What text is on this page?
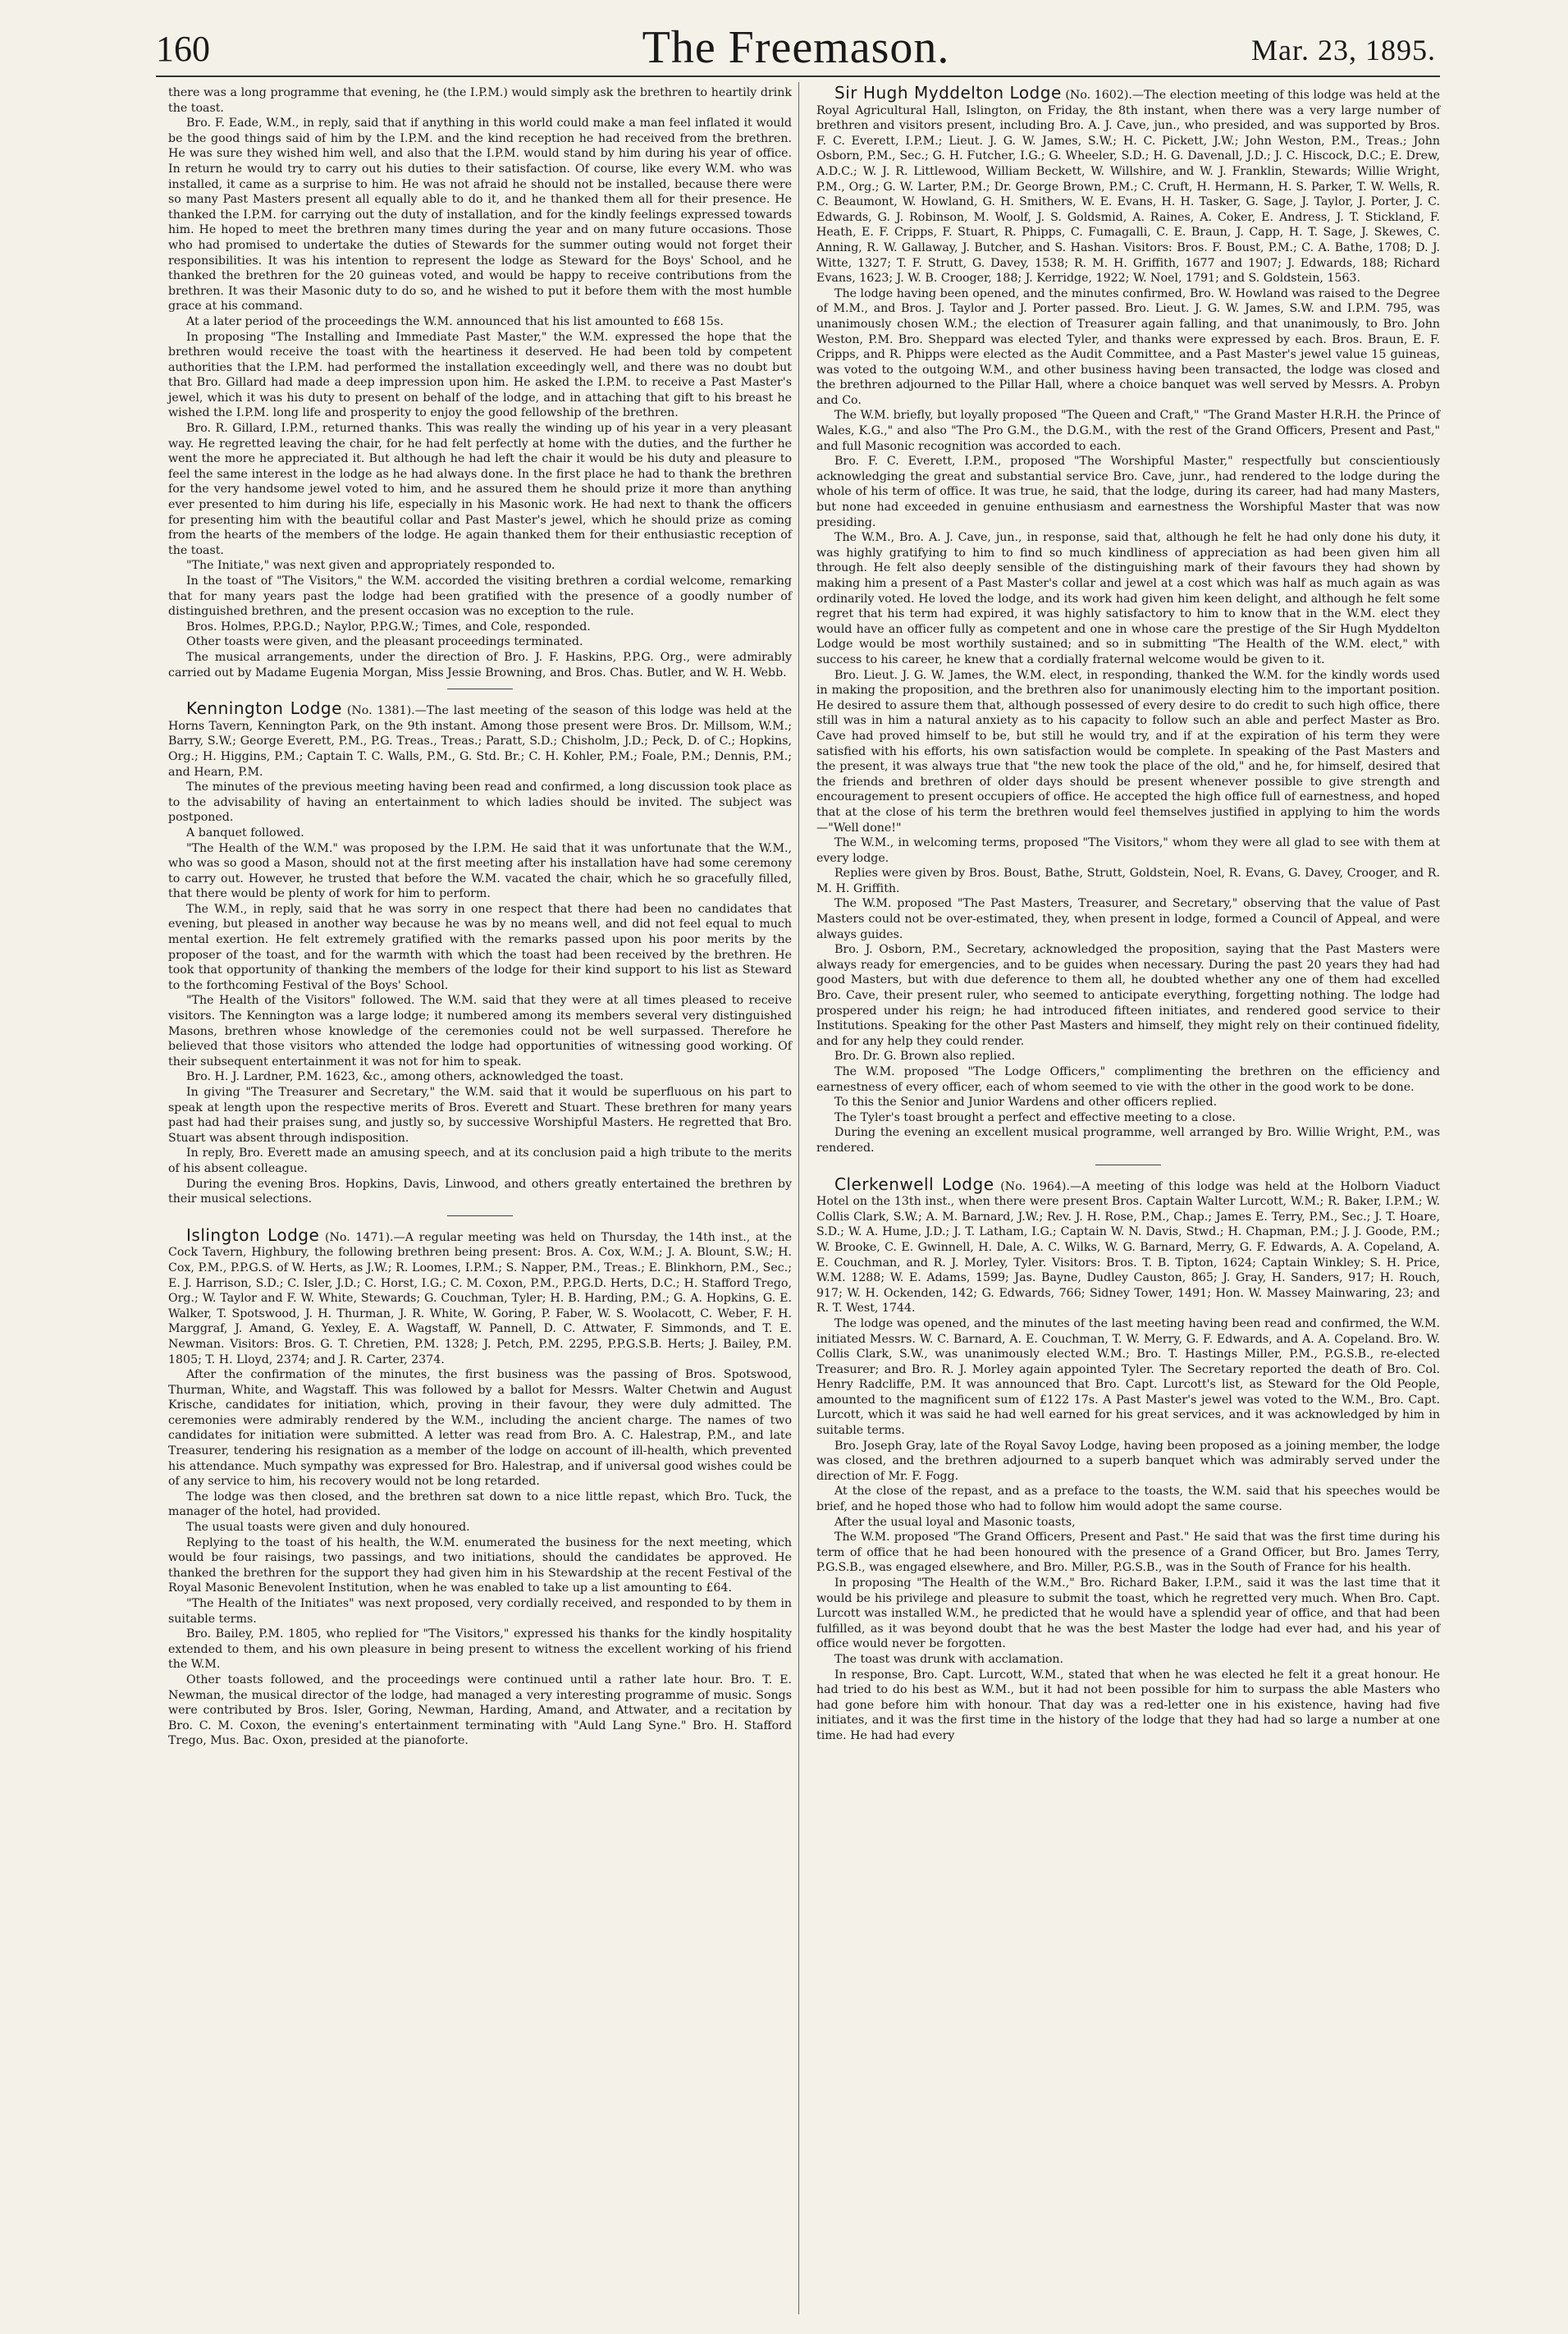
160	The Freemason.	Mar. 23, 1895.

there was a long programme that evening, he (the I.P.M.) would simply ask the brethren to heartily drink the toast.

Bro. F. Eade, W.M., in reply, said that if anything in this world could make a man feel inflated it would be the good things said of him by the I.P.M. and the kind reception he had received from the brethren. He was sure they wished him well, and also that the I.P.M. would stand by him during his year of office. In return he would try to carry out his duties to their satisfaction. Of course, like every W.M. who was installed, it came as a surprise to him. He was not afraid he should not be installed, because there were so many Past Masters present all equally able to do it, and he thanked them all for their presence. He thanked the I.P.M. for carrying out the duty of installation, and for the kindly feelings expressed towards him. He hoped to meet the brethren many times during the year and on many future occasions. Those who had promised to undertake the duties of Stewards for the summer outing would not forget their responsibilities. It was his intention to represent the lodge as Steward for the Boys' School, and he thanked the brethren for the 20 guineas voted, and would be happy to receive contributions from the brethren. It was their Masonic duty to do so, and he wished to put it before them with the most humble grace at his command.

At a later period of the proceedings the W.M. announced that his list amounted to £68 15s.

In proposing "The Installing and Immediate Past Master," the W.M. expressed the hope that the brethren would receive the toast with the heartiness it deserved. He had been told by competent authorities that the I.P.M. had performed the installation exceedingly well, and there was no doubt but that Bro. Gillard had made a deep impression upon him. He asked the I.P.M. to receive a Past Master's jewel, which it was his duty to present on behalf of the lodge, and in attaching that gift to his breast he wished the I.P.M. long life and prosperity to enjoy the good fellowship of the brethren.

Bro. R. Gillard, I.P.M., returned thanks. This was really the winding up of his year in a very pleasant way. He regretted leaving the chair, for he had felt perfectly at home with the duties, and the further he went the more he appreciated it. But although he had left the chair it would be his duty and pleasure to feel the same interest in the lodge as he had always done. In the first place he had to thank the brethren for the very handsome jewel voted to him, and he assured them he should prize it more than anything ever presented to him during his life, especially in his Masonic work. He had next to thank the officers for presenting him with the beautiful collar and Past Master's jewel, which he should prize as coming from the hearts of the members of the lodge. He again thanked them for their enthusiastic reception of the toast.

"The Initiate," was next given and appropriately responded to.

In the toast of "The Visitors," the W.M. accorded the visiting brethren a cordial welcome, remarking that for many years past the lodge had been gratified with the presence of a goodly number of distinguished brethren, and the present occasion was no exception to the rule.

Bros. Holmes, P.P.G.D.; Naylor, P.P.G.W.; Times, and Cole, responded.

Other toasts were given, and the pleasant proceedings terminated.

The musical arrangements, under the direction of Bro. J. F. Haskins, P.P.G. Org., were admirably carried out by Madame Eugenia Morgan, Miss Jessie Browning, and Bros. Chas. Butler, and W. H. Webb.

Kennington Lodge (No. 1381).—The last meeting of the season of this lodge was held at the Horns Tavern, Kennington Park, on the 9th instant. Among those present were Bros. Dr. Millsom, W.M.; Barry, S.W.; George Everett, P.M., P.G. Treas., Treas.; Paratt, S.D.; Chisholm, J.D.; Peck, D. of C.; Hopkins, Org.; H. Higgins, P.M.; Captain T. C. Walls, P.M., G. Std. Br.; C. H. Kohler, P.M.; Foale, P.M.; Dennis, P.M.; and Hearn, P.M.

The minutes of the previous meeting having been read and confirmed, a long discussion took place as to the advisability of having an entertainment to which ladies should be invited. The subject was postponed.

A banquet followed.

"The Health of the W.M." was proposed by the I.P.M. He said that it was unfortunate that the W.M., who was so good a Mason, should not at the first meeting after his installation have had some ceremony to carry out. However, he trusted that before the W.M. vacated the chair, which he so gracefully filled, that there would be plenty of work for him to perform.

The W.M., in reply, said that he was sorry in one respect that there had been no candidates that evening, but pleased in another way because he was by no means well, and did not feel equal to much mental exertion. He felt extremely gratified with the remarks passed upon his poor merits by the proposer of the toast, and for the warmth with which the toast had been received by the brethren. He took that opportunity of thanking the members of the lodge for their kind support to his list as Steward to the forthcoming Festival of the Boys' School.

"The Health of the Visitors" followed. The W.M. said that they were at all times pleased to receive visitors. The Kennington was a large lodge; it numbered among its members several very distinguished Masons, brethren whose knowledge of the ceremonies could not be well surpassed. Therefore he believed that those visitors who attended the lodge had opportunities of witnessing good working. Of their subsequent entertainment it was not for him to speak.

Bro. H. J. Lardner, P.M. 1623, &c., among others, acknowledged the toast.

In giving "The Treasurer and Secretary," the W.M. said that it would be superfluous on his part to speak at length upon the respective merits of Bros. Everett and Stuart. These brethren for many years past had had their praises sung, and justly so, by successive Worshipful Masters. He regretted that Bro. Stuart was absent through indisposition.

In reply, Bro. Everett made an amusing speech, and at its conclusion paid a high tribute to the merits of his absent colleague.

During the evening Bros. Hopkins, Davis, Linwood, and others greatly entertained the brethren by their musical selections.

Islington Lodge (No. 1471).—A regular meeting was held on Thursday, the 14th inst., at the Cock Tavern, Highbury, the following brethren being present: Bros. A. Cox, W.M.; J. A. Blount, S.W.; H. Cox, P.M., P.P.G.S. of W. Herts, as J.W.; R. Loomes, I.P.M.; S. Napper, P.M., Treas.; E. Blinkhorn, P.M., Sec.; E. J. Harrison, S.D.; C. Isler, J.D.; C. Horst, I.G.; C. M. Coxon, P.M., P.P.G.D. Herts, D.C.; H. Stafford Trego, Org.; W. Taylor and F. W. White, Stewards; G. Couchman, Tyler; H. B. Harding, P.M.; G. A. Hopkins, G. E. Walker, T. Spotswood, J. H. Thurman, J. R. White, W. Goring, P. Faber, W. S. Woolacott, C. Weber, F. H. Marggraf, J. Amand, G. Yexley, E. A. Wagstaff, W. Pannell, D. C. Attwater, F. Simmonds, and T. E. Newman. Visitors: Bros. G. T. Chretien, P.M. 1328; J. Petch, P.M. 2295, P.P.G.S.B. Herts; J. Bailey, P.M. 1805; T. H. Lloyd, 2374; and J. R. Carter, 2374.

After the confirmation of the minutes, the first business was the passing of Bros. Spotswood, Thurman, White, and Wagstaff. This was followed by a ballot for Messrs. Walter Chetwin and August Krische, candidates for initiation, which, proving in their favour, they were duly admitted. The ceremonies were admirably rendered by the W.M., including the ancient charge. The names of two candidates for initiation were submitted. A letter was read from Bro. A. C. Halestrap, P.M., and late Treasurer, tendering his resignation as a member of the lodge on account of ill-health, which prevented his attendance. Much sympathy was expressed for Bro. Halestrap, and if universal good wishes could be of any service to him, his recovery would not be long retarded.

The lodge was then closed, and the brethren sat down to a nice little repast, which Bro. Tuck, the manager of the hotel, had provided.

The usual toasts were given and duly honoured.

Replying to the toast of his health, the W.M. enumerated the business for the next meeting, which would be four raisings, two passings, and two initiations, should the candidates be approved. He thanked the brethren for the support they had given him in his Stewardship at the recent Festival of the Royal Masonic Benevolent Institution, when he was enabled to take up a list amounting to £64.

"The Health of the Initiates" was next proposed, very cordially received, and responded to by them in suitable terms.

Bro. Bailey, P.M. 1805, who replied for "The Visitors," expressed his thanks for the kindly hospitality extended to them, and his own pleasure in being present to witness the excellent working of his friend the W.M.

Other toasts followed, and the proceedings were continued until a rather late hour. Bro. T. E. Newman, the musical director of the lodge, had managed a very interesting programme of music. Songs were contributed by Bros. Isler, Goring, Newman, Harding, Amand, and Attwater, and a recitation by Bro. C. M. Coxon, the evening's entertainment terminating with "Auld Lang Syne." Bro. H. Stafford Trego, Mus. Bac. Oxon, presided at the pianoforte.

Sir Hugh Myddelton Lodge (No. 1602).—The election meeting of this lodge was held at the Royal Agricultural Hall, Islington, on Friday, the 8th instant, when there was a very large number of brethren and visitors present, including Bro. A. J. Cave, jun., who presided, and was supported by Bros. F. C. Everett, I.P.M.; Lieut. J. G. W. James, S.W.; H. C. Pickett, J.W.; John Weston, P.M., Treas.; John Osborn, P.M., Sec.; G. H. Futcher, I.G.; G. Wheeler, S.D.; H. G. Davenall, J.D.; J. C. Hiscock, D.C.; E. Drew, A.D.C.; W. J. R. Littlewood, William Beckett, W. Willshire, and W. J. Franklin, Stewards; Willie Wright, P.M., Org.; G. W. Larter, P.M.; Dr. George Brown, P.M.; C. Cruft, H. Hermann, H. S. Parker, T. W. Wells, R. C. Beaumont, W. Howland, G. H. Smithers, W. E. Evans, H. H. Tasker, G. Sage, J. Taylor, J. Porter, J. C. Edwards, G. J. Robinson, M. Woolf, J. S. Goldsmid, A. Raines, A. Coker, E. Andress, J. T. Stickland, F. Heath, E. F. Cripps, F. Stuart, R. Phipps, C. Fumagalli, C. E. Braun, J. Capp, H. T. Sage, J. Skewes, C. Anning, R. W. Gallaway, J. Butcher, and S. Hashan. Visitors: Bros. F. Boust, P.M.; C. A. Bathe, 1708; D. J. Witte, 1327; T. F. Strutt, G. Davey, 1538; R. M. H. Griffith, 1677 and 1907; J. Edwards, 188; Richard Evans, 1623; J. W. B. Crooger, 188; J. Kerridge, 1922; W. Noel, 1791; and S. Goldstein, 1563.

The lodge having been opened, and the minutes confirmed, Bro. W. Howland was raised to the Degree of M.M., and Bros. J. Taylor and J. Porter passed. Bro. Lieut. J. G. W. James, S.W. and I.P.M. 795, was unanimously chosen W.M.; the election of Treasurer again falling, and that unanimously, to Bro. John Weston, P.M. Bro. Sheppard was elected Tyler, and thanks were expressed by each. Bros. Braun, E. F. Cripps, and R. Phipps were elected as the Audit Committee, and a Past Master's jewel value 15 guineas, was voted to the outgoing W.M., and other business having been transacted, the lodge was closed and the brethren adjourned to the Pillar Hall, where a choice banquet was well served by Messrs. A. Probyn and Co.

The W.M. briefly, but loyally proposed "The Queen and Craft," "The Grand Master H.R.H. the Prince of Wales, K.G.," and also "The Pro G.M., the D.G.M., with the rest of the Grand Officers, Present and Past," and full Masonic recognition was accorded to each.

Bro. F. C. Everett, I.P.M., proposed "The Worshipful Master," respectfully but conscientiously acknowledging the great and substantial service Bro. Cave, junr., had rendered to the lodge during the whole of his term of office. It was true, he said, that the lodge, during its career, had had many Masters, but none had exceeded in genuine enthusiasm and earnestness the Worshipful Master that was now presiding.

The W.M., Bro. A. J. Cave, jun., in response, said that, although he felt he had only done his duty, it was highly gratifying to him to find so much kindliness of appreciation as had been given him all through. He felt also deeply sensible of the distinguishing mark of their favours they had shown by making him a present of a Past Master's collar and jewel at a cost which was half as much again as was ordinarily voted. He loved the lodge, and its work had given him keen delight, and although he felt some regret that his term had expired, it was highly satisfactory to him to know that in the W.M. elect they would have an officer fully as competent and one in whose care the prestige of the Sir Hugh Myddelton Lodge would be most worthily sustained; and so in submitting "The Health of the W.M. elect," with success to his career, he knew that a cordially fraternal welcome would be given to it.

Bro. Lieut. J. G. W. James, the W.M. elect, in responding, thanked the W.M. for the kindly words used in making the proposition, and the brethren also for unanimously electing him to the important position. He desired to assure them that, although possessed of every desire to do credit to such high office, there still was in him a natural anxiety as to his capacity to follow such an able and perfect Master as Bro. Cave had proved himself to be, but still he would try, and if at the expiration of his term they were satisfied with his efforts, his own satisfaction would be complete. In speaking of the Past Masters and the present, it was always true that "the new took the place of the old," and he, for himself, desired that the friends and brethren of older days should be present whenever possible to give strength and encouragement to present occupiers of office. He accepted the high office full of earnestness, and hoped that at the close of his term the brethren would feel themselves justified in applying to him the words—"Well done!"

The W.M., in welcoming terms, proposed "The Visitors," whom they were all glad to see with them at every lodge.

Replies were given by Bros. Boust, Bathe, Strutt, Goldstein, Noel, R. Evans, G. Davey, Crooger, and R. M. H. Griffith.

The W.M. proposed "The Past Masters, Treasurer, and Secretary," observing that the value of Past Masters could not be over-estimated, they, when present in lodge, formed a Council of Appeal, and were always guides.

Bro. J. Osborn, P.M., Secretary, acknowledged the proposition, saying that the Past Masters were always ready for emergencies, and to be guides when necessary. During the past 20 years they had had good Masters, but with due deference to them all, he doubted whether any one of them had excelled Bro. Cave, their present ruler, who seemed to anticipate everything, forgetting nothing. The lodge had prospered under his reign; he had introduced fifteen initiates, and rendered good service to their Institutions. Speaking for the other Past Masters and himself, they might rely on their continued fidelity, and for any help they could render.

Bro. Dr. G. Brown also replied.

The W.M. proposed "The Lodge Officers," complimenting the brethren on the efficiency and earnestness of every officer, each of whom seemed to vie with the other in the good work to be done.

To this the Senior and Junior Wardens and other officers replied.

The Tyler's toast brought a perfect and effective meeting to a close.

During the evening an excellent musical programme, well arranged by Bro. Willie Wright, P.M., was rendered.

Clerkenwell Lodge (No. 1964).—A meeting of this lodge was held at the Holborn Viaduct Hotel on the 13th inst., when there were present Bros. Captain Walter Lurcott, W.M.; R. Baker, I.P.M.; W. Collis Clark, S.W.; A. M. Barnard, J.W.; Rev. J. H. Rose, P.M., Chap.; James E. Terry, P.M., Sec.; J. T. Hoare, S.D.; W. A. Hume, J.D.; J. T. Latham, I.G.; Captain W. N. Davis, Stwd.; H. Chapman, P.M.; J. J. Goode, P.M.; W. Brooke, C. E. Gwinnell, H. Dale, A. C. Wilks, W. G. Barnard, Merry, G. F. Edwards, A. A. Copeland, A. E. Couchman, and R. J. Morley, Tyler. Visitors: Bros. T. B. Tipton, 1624; Captain Winkley; S. H. Price, W.M. 1288; W. E. Adams, 1599; Jas. Bayne, Dudley Causton, 865; J. Gray, H. Sanders, 917; H. Rouch, 917; W. H. Ockenden, 142; G. Edwards, 766; Sidney Tower, 1491; Hon. W. Massey Mainwaring, 23; and R. T. West, 1744.

The lodge was opened, and the minutes of the last meeting having been read and confirmed, the W.M. initiated Messrs. W. C. Barnard, A. E. Couchman, T. W. Merry, G. F. Edwards, and A. A. Copeland. Bro. W. Collis Clark, S.W., was unanimously elected W.M.; Bro. T. Hastings Miller, P.M., P.G.S.B., re-elected Treasurer; and Bro. R. J. Morley again appointed Tyler. The Secretary reported the death of Bro. Col. Henry Radcliffe, P.M. It was announced that Bro. Capt. Lurcott's list, as Steward for the Old People, amounted to the magnificent sum of £122 17s. A Past Master's jewel was voted to the W.M., Bro. Capt. Lurcott, which it was said he had well earned for his great services, and it was acknowledged by him in suitable terms.

Bro. Joseph Gray, late of the Royal Savoy Lodge, having been proposed as a joining member, the lodge was closed, and the brethren adjourned to a superb banquet which was admirably served under the direction of Mr. F. Fogg.

At the close of the repast, and as a preface to the toasts, the W.M. said that his speeches would be brief, and he hoped those who had to follow him would adopt the same course.

After the usual loyal and Masonic toasts,

The W.M. proposed "The Grand Officers, Present and Past." He said that was the first time during his term of office that he had been honoured with the presence of a Grand Officer, but Bro. James Terry, P.G.S.B., was engaged elsewhere, and Bro. Miller, P.G.S.B., was in the South of France for his health.

In proposing "The Health of the W.M.," Bro. Richard Baker, I.P.M., said it was the last time that it would be his privilege and pleasure to submit the toast, which he regretted very much. When Bro. Capt. Lurcott was installed W.M., he predicted that he would have a splendid year of office, and that had been fulfilled, as it was beyond doubt that he was the best Master the lodge had ever had, and his year of office would never be forgotten.

The toast was drunk with acclamation.

In response, Bro. Capt. Lurcott, W.M., stated that when he was elected he felt it a great honour. He had tried to do his best as W.M., but it had not been possible for him to surpass the able Masters who had gone before him with honour. That day was a red-letter one in his existence, having had five initiates, and it was the first time in the history of the lodge that they had had so large a number at one time. He had had every
